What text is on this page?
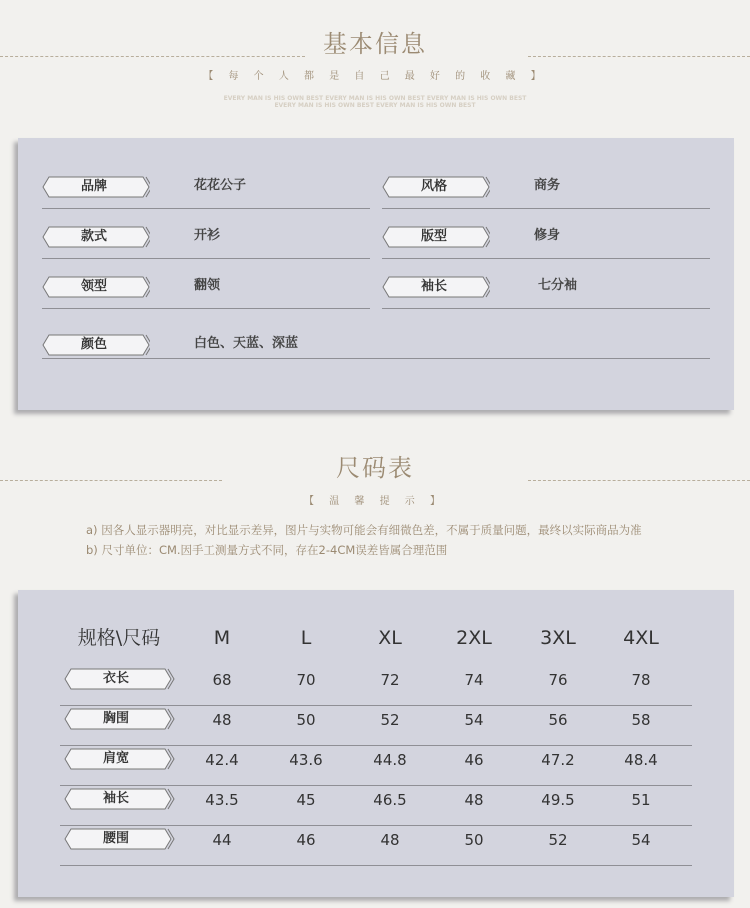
基本信息
【 每 个 人 都 是 自 己 最 好 的 收 藏 】
EVERY MAN IS HIS OWN BEST EVERY MAN IS HIS OWN BEST EVERY MAN IS HIS OWN BEST
EVERY MAN IS HIS OWN BEST EVERY MAN IS HIS OWN BEST
品牌	花花公子	风格	商务
款式	开衫	版型	修身
领型	翻领	袖长	七分袖
颜色	白色、天蓝、深蓝
尺码表
【 温 馨 提 示 】
a) 因各人显示器明亮，对比显示差异，图片与实物可能会有细微色差，不属于质量问题，最终以实际商品为准
b) 尺寸单位：CM.因手工测量方式不同，存在2-4CM误差皆属合理范围
规格\尺码	M	L	XL	2XL	3XL	4XL
衣长	68	70	72	74	76	78
胸围	48	50	52	54	56	58
肩宽	42.4	43.6	44.8	46	47.2	48.4
袖长	43.5	45	46.5	48	49.5	51
腰围	44	46	48	50	52	54
